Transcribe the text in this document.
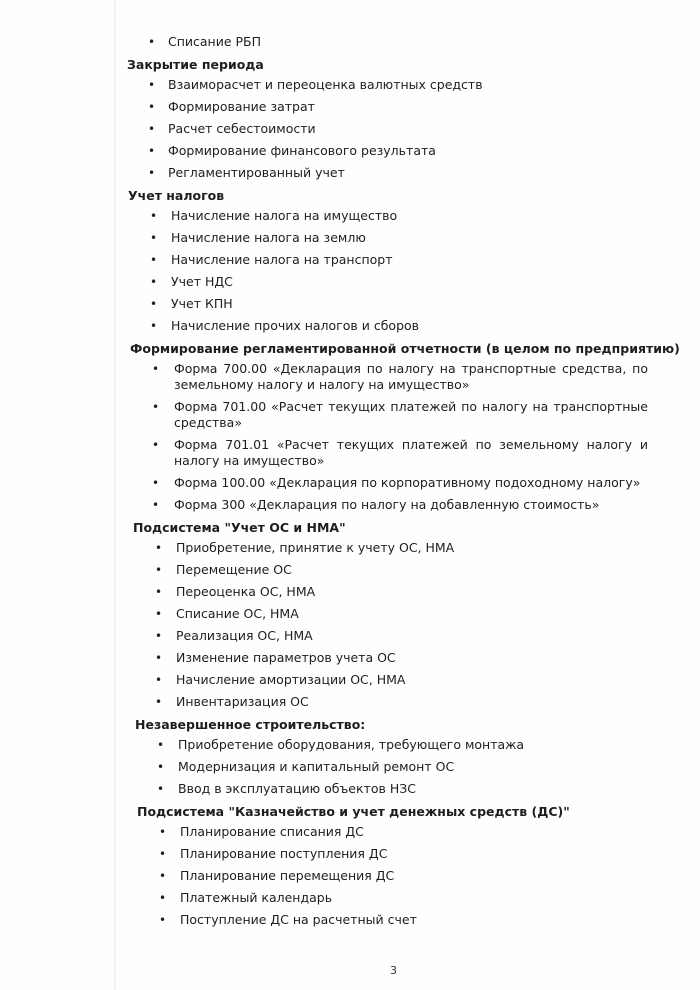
• Списание РБП
Закрытие периода
• Взаиморасчет и переоценка валютных средств
• Формирование затрат
• Расчет себестоимости
• Формирование финансового результата
• Регламентированный учет
Учет налогов
• Начисление налога на имущество
• Начисление налога на землю
• Начисление налога на транспорт
• Учет НДС
• Учет КПН
• Начисление прочих налогов и сборов
Формирование регламентированной отчетности (в целом по предприятию)
• Форма 700.00 «Декларация по налогу на транспортные средства, по земельному налогу и налогу на имущество»
• Форма 701.00 «Расчет текущих платежей по налогу на транспортные средства»
• Форма 701.01 «Расчет текущих платежей по земельному налогу и налогу на имущество»
• Форма 100.00 «Декларация по корпоративному подоходному налогу»
• Форма 300 «Декларация по налогу на добавленную стоимость»
Подсистема "Учет ОС и НМА"
• Приобретение, принятие к учету ОС, НМА
• Перемещение ОС
• Переоценка ОС, НМА
• Списание ОС, НМА
• Реализация ОС, НМА
• Изменение параметров учета ОС
• Начисление амортизации ОС, НМА
• Инвентаризация ОС
Незавершенное строительство:
• Приобретение оборудования, требующего монтажа
• Модернизация и капитальный ремонт ОС
• Ввод в эксплуатацию объектов НЗС
Подсистема "Казначейство и учет денежных средств (ДС)"
• Планирование списания ДС
• Планирование поступления ДС
• Планирование перемещения ДС
• Платежный календарь
• Поступление ДС на расчетный счет
3
